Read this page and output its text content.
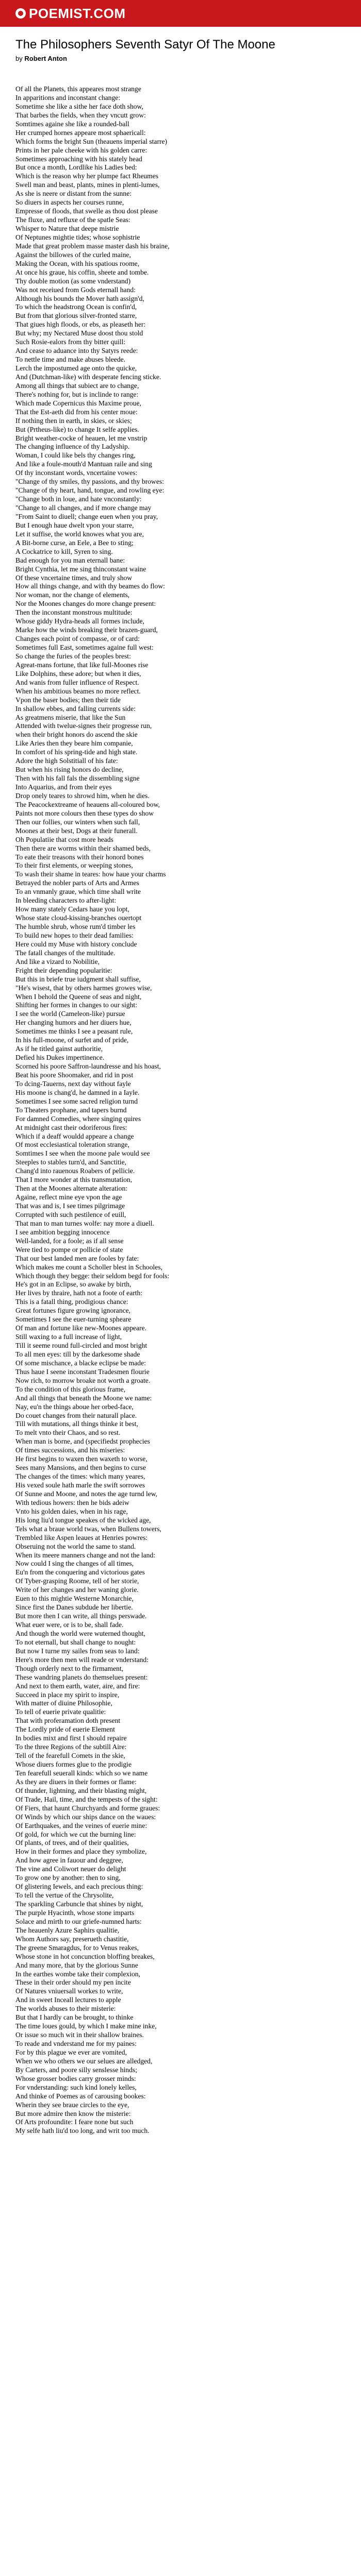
POEMIST.COM
The Philosophers Seventh Satyr Of The Moone
by Robert Anton
Of all the Planets, this appeares most strange
In apparitions and inconstant change:
Sometime she like a sithe her face doth show,
That barbes the fields, when they vncutt grow:
Somtimes againe she like a rounded-ball
Her crumped hornes appeare most sphaericall:
Which forms the bright Sun (theauens imperial starre)
Prints in her pale cheeke with his golden carre:
Sometimes approaching with his stately head
But once a month, Lordlike his Ladies bed:
Which is the reason why her plumpe fact Rheumes
Swell man and beast, plants, mines in plenti-lumes,
As she is neere or distant from the sunne:
So diuers in aspects her courses runne,
Empresse of floods, that swelle as thou dost please
The fluxe, and refluxe of the spatle Seas:
Whisper to Nature that deepe mistrie
Of Neptunes mightie tides; whose sophistrie
Made that great problem masse master dash his braine,
Against the billowes of the curled maine,
Making the Ocean, with his spatious roome,
At once his graue, his coffin, sheete and tombe.
Thy double motion (as some vnderstand)
Was not receiued from Gods eternall hand:
Although his bounds the Mover hath assign'd,
To which the headstrong Ocean is confin'd,
But from that glorious silver-fronted starre,
That giues high floods, or ebs, as pleaseth her:
But why; my Nectared Muse doost thou stold
Such Rosie-ealors from thy bitter quill:
And cease to aduance into thy Satyrs reede:
To nettle time and make abuses bleede.
Lerch the impostumed age onto the quicke,
And (Dutchman-like) with desperate fencing sticke.
Among all things that subiect are to change,
There's nothing for, but is inclinde to range:
Which made Copernicus this Maxime proue,
That the Est-aeth did from his center moue:
If nothing then in earth, in skies, or skies;
But (Prtheus-like) to change It selfe applies.
Bright weather-cocke of heauen, let me vnstrip
The changing influence of thy Ladyship.
Woman, I could like bels thy changes ring,
And like a foule-mouth'd Mantuan raile and sing
Of thy inconstant words, vncertaine vowes:
"Change of thy smiles, thy passions, and thy browes:
"Change of thy heart, hand, tongue, and rowling eye:
"Change both in loue, and hate vnconstantly:
"Change to all changes, and if more change may
"From Saint to diuell; change euen when you pray,
But I enough haue dwelt vpon your starre,
Let it suffise, the world knowes what you are,
A Bit-borne curse, an Eele, a Bee to sting;
A Cockatrice to kill, Syren to sing.
Bad enough for you man eternall bane:
Bright Cynthia, let me sing thinconstant waine
Of these vncertaine times, and truly show
How all things change, and with thy beames do flow:
Nor woman, nor the change of elements,
Nor the Moones changes do more change present:
Then the inconstant monstrous multitude:
Whose giddy Hydra-heads all formes include,
Marke how the winds breaking their brazen-guard,
Changes each point of compasse, or of card:
Sometimes full East, sometimes againe full west:
So change the furies of the peoples brest:
Agreat-mans fortune, that like full-Moones rise
Like Dolphins, these adore; but when it dies,
And wanis from fuller influence of Respect.
When his ambitious beames no more reflect.
Vpon the baser bodies; then their tide
In shallow ebbes, and falling currents side:
As greatmens miserie, that like the Sun
Attended with twelue-signes their progresse run,
when their bright honors do ascend the skie
Like Aries then they beare him companie,
In comfort of his spring-tide and high state.
Adore the high Solstitiall of his fate:
But when his rising honors do decline,
Then with his fall fals the dissembling signe
Into Aquarius, and from their eyes
Drop onely teares to shrowd him, when he dies.
The Peacockextreame of heauens all-coloured bow,
Paints not more colours then these types do show
Then our follies, our winters when such fall,
Moones at their best, Dogs at their funerall.
Oh Populatiie that cost more heads
Then there are worms within their shamed beds,
To eate their treasons with their honord bones
To their first elements, or weeping stones,
To wash their shame in teares: how haue your charms
Betrayed the nobler parts of Arts and Armes
To an vnmanly graue, which time shall write
In bleeding characters to after-light:
How many stately Cedars haue you lopt,
Whose state cloud-kissing-branches ouertopt
The humble shrub, whose rum'd timber les
To build new hopes to their dead families:
Here could my Muse with history conclude
The fatall changes of the multitude.
And like a vizard to Nobilitie,
Fright their depending popularitie:
But this in briefe true iudgment shall suffise,
"He's wisest, that by others harmes growes wise,
When I behold the Queene of seas and night,
Shifting her formes in changes to our sight:
I see the world (Cameleon-like) pursue
Her changing humors and her diuers hue,
Sometimes me thinks I see a peasant rule,
In his full-moone, of surfet and of pride,
As if he titled gainst authoritie,
Defied his Dukes impertinence.
Scorned his poore Saffron-laundresse and his hoast,
Beat his poore Shoomaker, and rid in post
To dcing-Tauerns, next day without fayle
His moone is chang'd, he damned in a Iayle.
Sometimes I see some sacred religion turnd
To Theaters prophane, and tapers burnd
For damned Comedies, where singing quires
At midnight cast their odoriferous fires:
Which if a deaff wouldd appeare a change
Of most ecclesiastical toleration strange,
Somtimes I see when the moone pale would see
Steeples to stables turn'd, and Sanctitie,
Chang'd into rauenous Roabers of pellicie.
That I more wonder at this transmutation,
Then at the Moones alternate alteration:
Againe, reflect mine eye vpon the age
That was and is, I see times pilgrimage
Corrupted with such pestilence of euill,
That man to man turnes wolfe: nay more a diuell.
I see ambition begging innocence
Well-landed, for a foole; as if all sense
Were tied to pompe or pollicie of state
That our best landed men are fooles by fate:
Which makes me count a Scholler blest in Schooles,
Which though they begge: their seldom begd for fools:
He's got in an Eclipse, so awake by birth,
Her lives by thraire, hath not a foote of earth:
This is a fatall thing, prodigious chance:
Great fortunes figure growing ignorance,
Sometimes I see the euer-turning spheare
Of man and fortune like new-Moones appeare.
Still waxing to a full increase of light,
Till it seeme round full-circled and most bright
To all men eyes: till by the darkesome shade
Of some mischance, a blacke eclipse be made:
Thus haue I seene inconstant Tradesmen flourie
Now rich, to morrow broake not worth a groate.
To the condition of this glorious frame,
And all things that beneath the Moone we name:
Nay, eu'n the things aboue her orbed-face,
Do couet changes from their naturall place.
Till with mutations, all things thinke it best,
To melt vnto their Chaos, and so rest.
When man is borne, and (specifiedst prophecies
Of times successions, and his miseries:
He first begins to waxen then waxeth to worse,
Sees many Mansions, and then begins to curse
The changes of the times: which many yeares,
His vexed soule hath marle the swift sorrowes
Of Sunne and Moone, and notes the age turnd lew,
With tedious howers: then he bids adeiw
Vnto his golden daies, when in his rage,
His long liu'd tongue speakes of the wicked age,
Tels what a braue world twas, when Bullens towers,
Trembled like Aspen leaues at Henries powres:
Obseruing not the world the same to stand.
When its meere manners change and not the land:
Now could I sing the changes of all times,
Eu'n from the conquering and victorious gates
Of Tyber-grasping Roome, tell of her storie,
Write of her changes and her waning glorie.
Euen to this mightie Westerne Monarchie,
Since first the Danes subdude her libertie.
But more then I can write, all things perswade.
What euer were, or is to be, shall fade.
And though the world were wuterned thought,
To not eternall, but shall change to nought:
But now I turne my sailes from seas to land:
Here's more then men will reade or vnderstand:
Though orderly next to the firmament,
These wandring planets do themselues present:
And next to them earth, water, aire, and fire:
Succeed in place my spirit to inspire,
With matter of diuine Philosophie,
To tell of euerie private qualitie:
That with proferamation doth present
The Lordly pride of euerie Element
In bodies mixt and first I should repaire
To the three Regions of the subtill Aire:
Tell of the fearefull Comets in the skie,
Whose diuers formes glue to the prodigie
Ten fearefull seuerall kinds: which so we name
As they are diuers in their formes or flame:
Of thunder, lightning, and their blasting might,
Of Trade, Hail, time, and the tempests of the sight:
Of Fiers, that haunt Churchyards and forme graues:
Of Winds by which our ships dance on the waues:
Of Earthquakes, and the veines of euerie mine:
Of gold, for which we cut the burning line:
Of plants, of trees, and of their qualities,
How in their formes and place they symbolize,
And how agree in fauour and deggree,
The vine and Coliwort neuer do delight
To grow one by another: then to sing,
Of glistering Iewels, and each precious thing:
To tell the vertue of the Chrysolite,
The sparkling Carbuncle that shines by night,
The purple Hyacinth, whose stone imparts
Solace and mirth to our griefe-numned harts:
The heauenly Azure Saphirs qualitie,
Whom Authors say, preserueth chastitie,
The greene Smaragdus, for to Venus reakes,
Whose stone in hot concunction bloffing breakes,
And many more, that by the glorious Sunne
In the earthes wombe take their complexion,
These in their order should my pen incite
Of Natures vniuersall workes to write,
And in sweet Inceall lectures to apple
The worlds abuses to their misterie:
But that I hardly can be brought, to thinke
The time loues gould, by which I make mine inke,
Or issue so much wit in their shallow braines.
To reade and vnderstand me for my paines:
For by this plague we ever are vomited,
When we who others we our selues are alledged,
By Carters, and poore silly senslesse hinds;
Whose grosser bodies carry grosser minds:
For vnderstanding: such kind lonely kelles,
And thinke of Poemes as of carousing bookes:
Wherin they see braue circles to the eye,
But more admire then know the misterie:
Of Arts profoundite: I feare none but such
My selfe hath liu'd too long, and writ too much.
